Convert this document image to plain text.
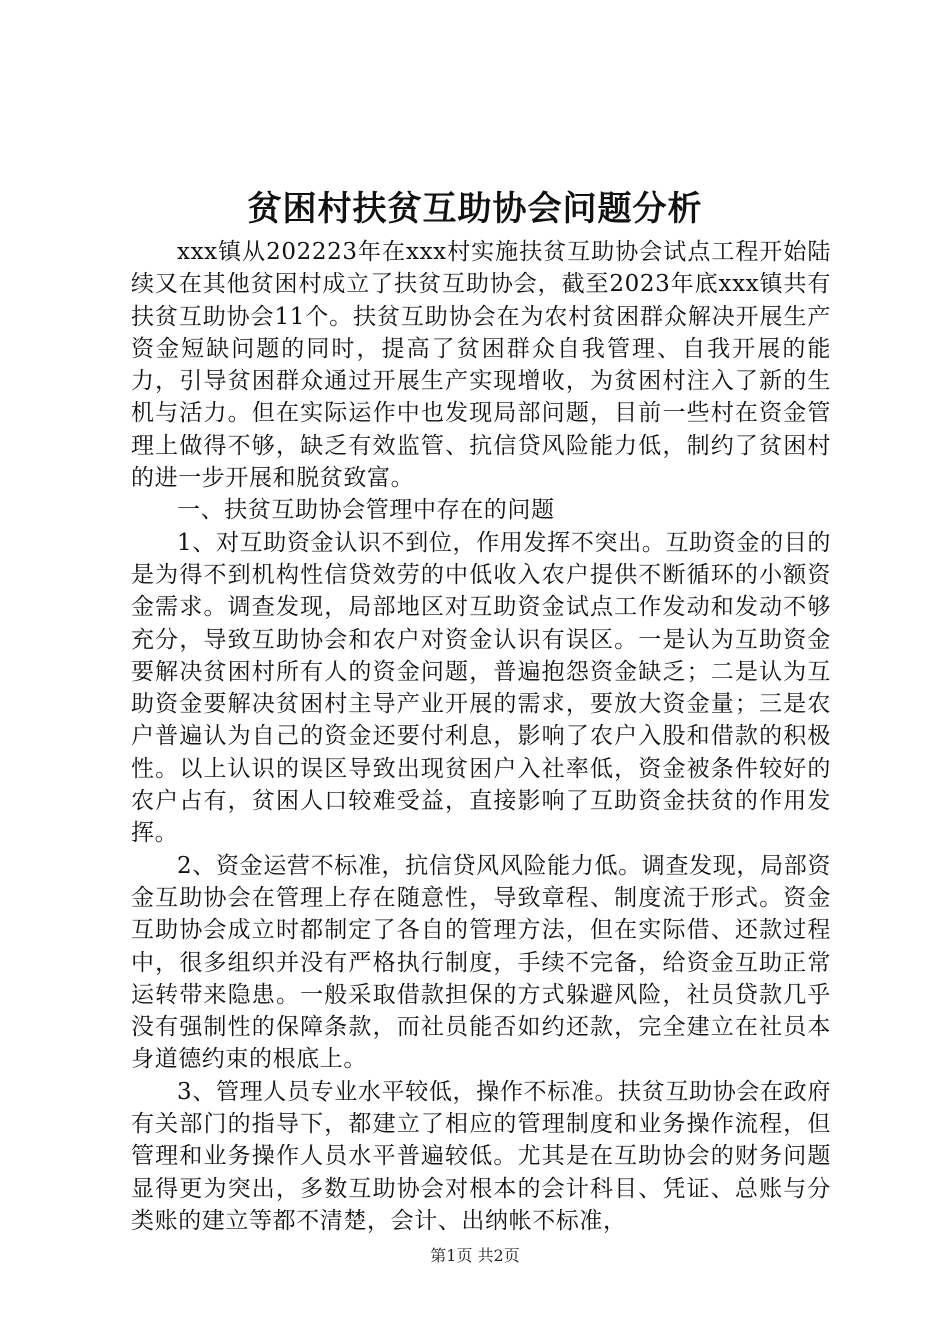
贫困村扶贫互助协会问题分析

xxx镇从202223年在xxx村实施扶贫互助协会试点工程开始陆续又在其他贫困村成立了扶贫互助协会，截至2023年底xxx镇共有扶贫互助协会11个。扶贫互助协会在为农村贫困群众解决开展生产资金短缺问题的同时，提高了贫困群众自我管理、自我开展的能力，引导贫困群众通过开展生产实现增收，为贫困村注入了新的生机与活力。但在实际运作中也发现局部问题，目前一些村在资金管理上做得不够，缺乏有效监管、抗信贷风险能力低，制约了贫困村的进一步开展和脱贫致富。

一、扶贫互助协会管理中存在的问题

1、对互助资金认识不到位，作用发挥不突出。互助资金的目的是为得不到机构性信贷效劳的中低收入农户提供不断循环的小额资金需求。调查发现，局部地区对互助资金试点工作发动和发动不够充分，导致互助协会和农户对资金认识有误区。一是认为互助资金要解决贫困村所有人的资金问题，普遍抱怨资金缺乏；二是认为互助资金要解决贫困村主导产业开展的需求，要放大资金量；三是农户普遍认为自己的资金还要付利息，影响了农户入股和借款的积极性。以上认识的误区导致出现贫困户入社率低，资金被条件较好的农户占有，贫困人口较难受益，直接影响了互助资金扶贫的作用发挥。

2、资金运营不标准，抗信贷风风险能力低。调查发现，局部资金互助协会在管理上存在随意性，导致章程、制度流于形式。资金互助协会成立时都制定了各自的管理方法，但在实际借、还款过程中，很多组织并没有严格执行制度，手续不完备，给资金互助正常运转带来隐患。一般采取借款担保的方式躲避风险，社员贷款几乎没有强制性的保障条款，而社员能否如约还款，完全建立在社员本身道德约束的根底上。

3、管理人员专业水平较低，操作不标准。扶贫互助协会在政府有关部门的指导下，都建立了相应的管理制度和业务操作流程，但管理和业务操作人员水平普遍较低。尤其是在互助协会的财务问题显得更为突出，多数互助协会对根本的会计科目、凭证、总账与分类账的建立等都不清楚，会计、出纳帐不标准，

第1页 共2页
